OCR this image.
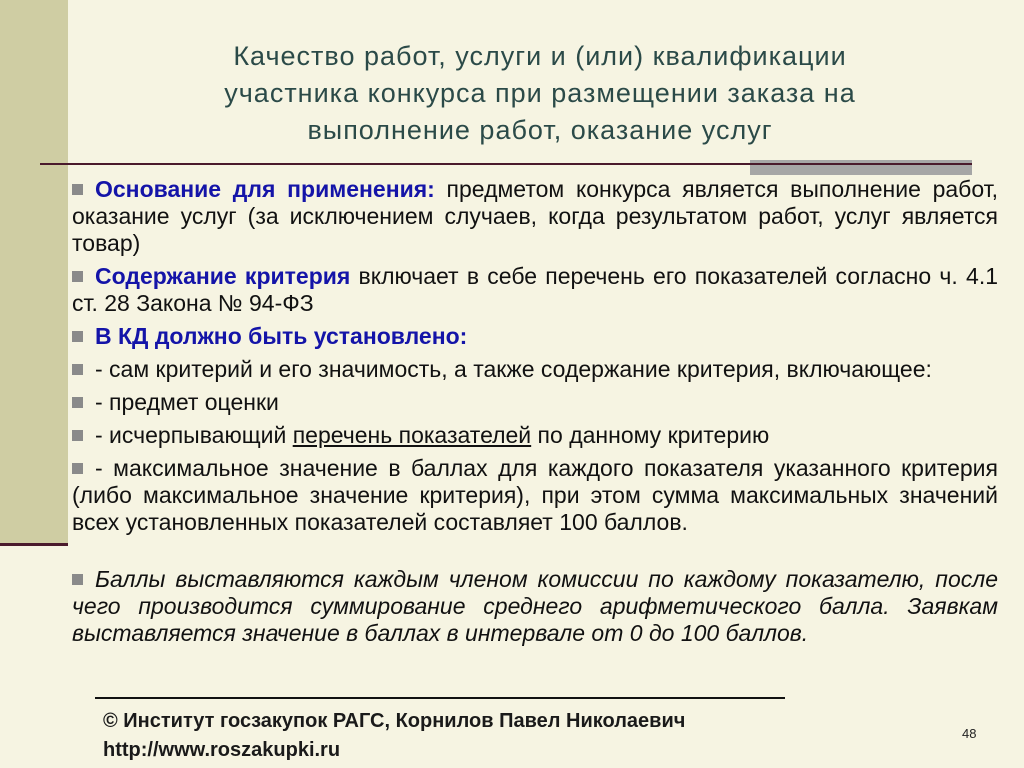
Качество работ, услуги и (или) квалификации
участника конкурса при размещении заказа на
выполнение работ, оказание услуг
Основание для применения: предметом конкурса является выполнение работ, оказание услуг (за исключением случаев, когда результатом работ, услуг является товар)
Содержание критерия включает в себе перечень его показателей согласно ч. 4.1 ст. 28 Закона № 94-ФЗ
В КД должно быть установлено:
- сам критерий и его значимость, а также содержание критерия, включающее:
- предмет оценки
- исчерпывающий перечень показателей по данному критерию
- максимальное значение в баллах для каждого показателя указанного критерия (либо максимальное значение критерия), при этом сумма максимальных значений всех установленных показателей составляет 100 баллов.
Баллы выставляются каждым членом комиссии по каждому показателю, после чего производится суммирование среднего арифметического балла. Заявкам выставляется значение в баллах в интервале от 0 до 100 баллов.
© Институт госзакупок РАГС, Корнилов Павел Николаевич
http://www.roszakupki.ru
48
